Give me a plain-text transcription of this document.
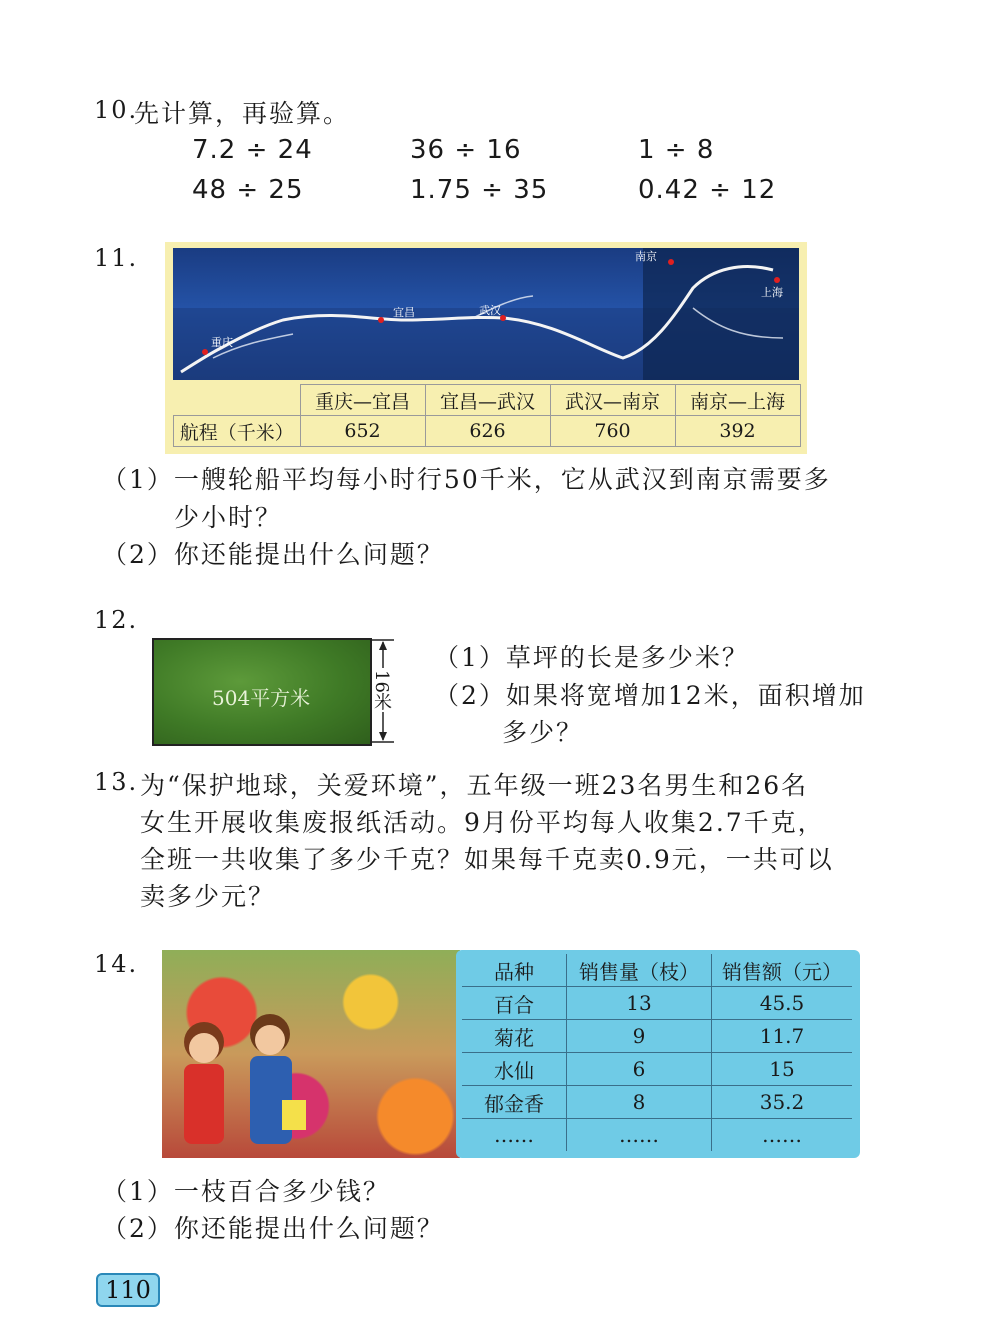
10.
先计算，再验算。
7.2 ÷ 24	36 ÷ 16	1 ÷ 8
48 ÷ 25	1.75 ÷ 35	0.42 ÷ 12
11.
重庆
宜昌	武汉
南京
上海
	重庆—宜昌	宜昌—武汉	武汉—南京	南京—上海
航程（千米）	652	626	760	392
（1）一艘轮船平均每小时行50千米，它从武汉到南京需要多
少小时？
（2）你还能提出什么问题？
12.
504平方米	16米
（1）草坪的长是多少米？
（2）如果将宽增加12米，面积增加
多少？
13. 为“保护地球，关爱环境”，五年级一班23名男生和26名
女生开展收集废报纸活动。9月份平均每人收集2.7千克，
全班一共收集了多少千克？如果每千克卖0.9元，一共可以
卖多少元？
14.	品种	销售量（枝）	销售额（元）
百合	13	45.5
菊花	9	11.7
水仙	6	15
郁金香	8	35.2
……	……	……
（1）一枝百合多少钱？
（2）你还能提出什么问题？
110
